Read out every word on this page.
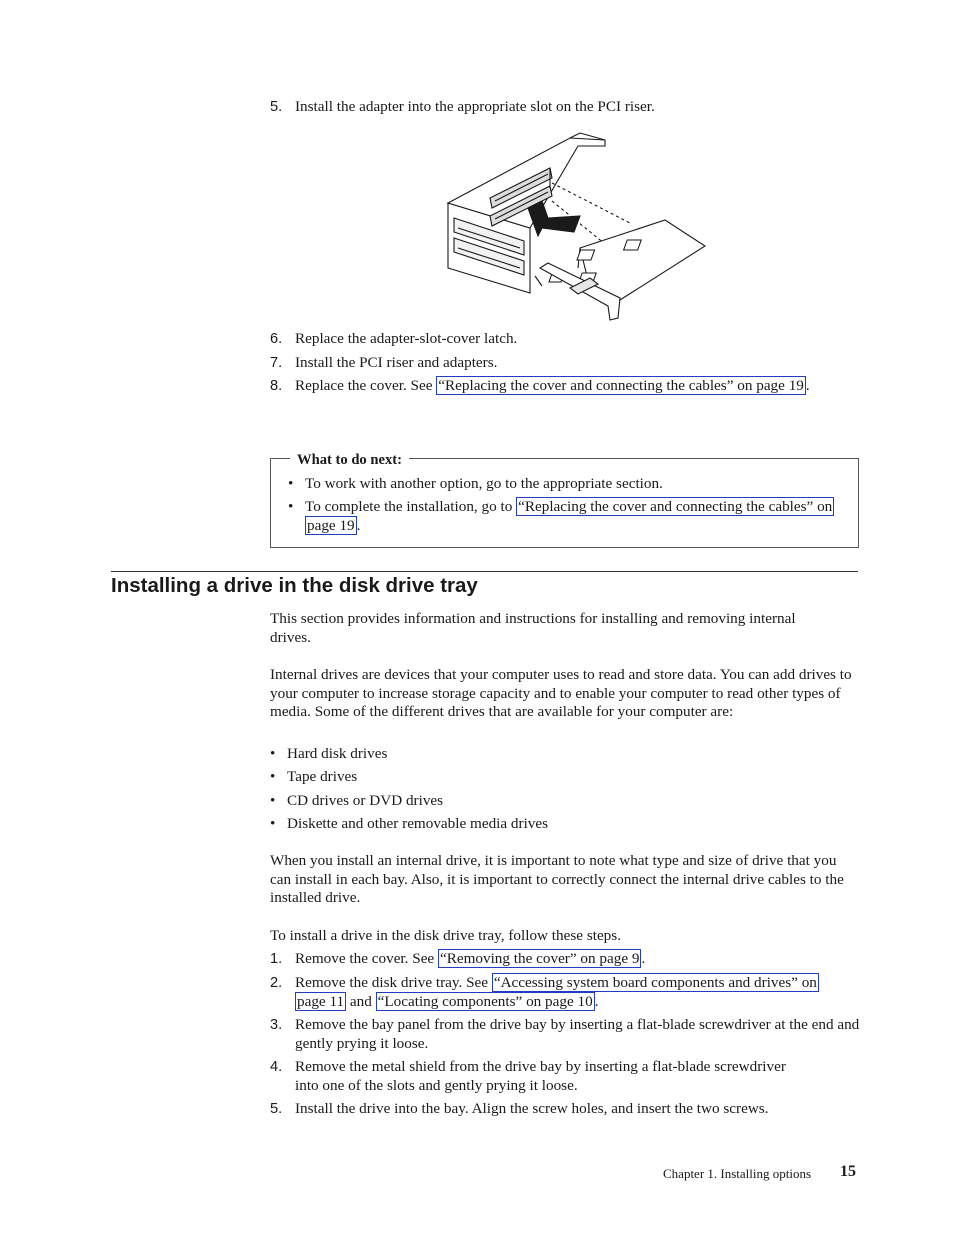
5. Install the adapter into the appropriate slot on the PCI riser.
6. Replace the adapter-slot-cover latch.
7. Install the PCI riser and adapters.
8. Replace the cover. See “Replacing the cover and connecting the cables” on page 19 .
What to do next:
• To work with another option, go to the appropriate section.
• To complete the installation, go to “Replacing the cover and connecting the cables” on page 19 .
Installing a drive in the disk drive tray
This section provides information and instructions for installing and removing internal drives.
Internal drives are devices that your computer uses to read and store data. You can add drives to your computer to increase storage capacity and to enable your computer to read other types of media. Some of the different drives that are available for your computer are:
• Hard disk drives
• Tape drives
• CD drives or DVD drives
• Diskette and other removable media drives
When you install an internal drive, it is important to note what type and size of drive that you can install in each bay. Also, it is important to correctly connect the internal drive cables to the installed drive.
To install a drive in the disk drive tray, follow these steps.
1. Remove the cover. See “Removing the cover” on page 9 .
2. Remove the disk drive tray. See “Accessing system board components and drives” on page 11 and “Locating components” on page 10 .
3. Remove the bay panel from the drive bay by inserting a flat-blade screwdriver at the end and gently prying it loose.
4. Remove the metal shield from the drive bay by inserting a flat-blade screwdriver into one of the slots and gently prying it loose.
5. Install the drive into the bay. Align the screw holes, and insert the two screws.
Chapter 1. Installing options 15
